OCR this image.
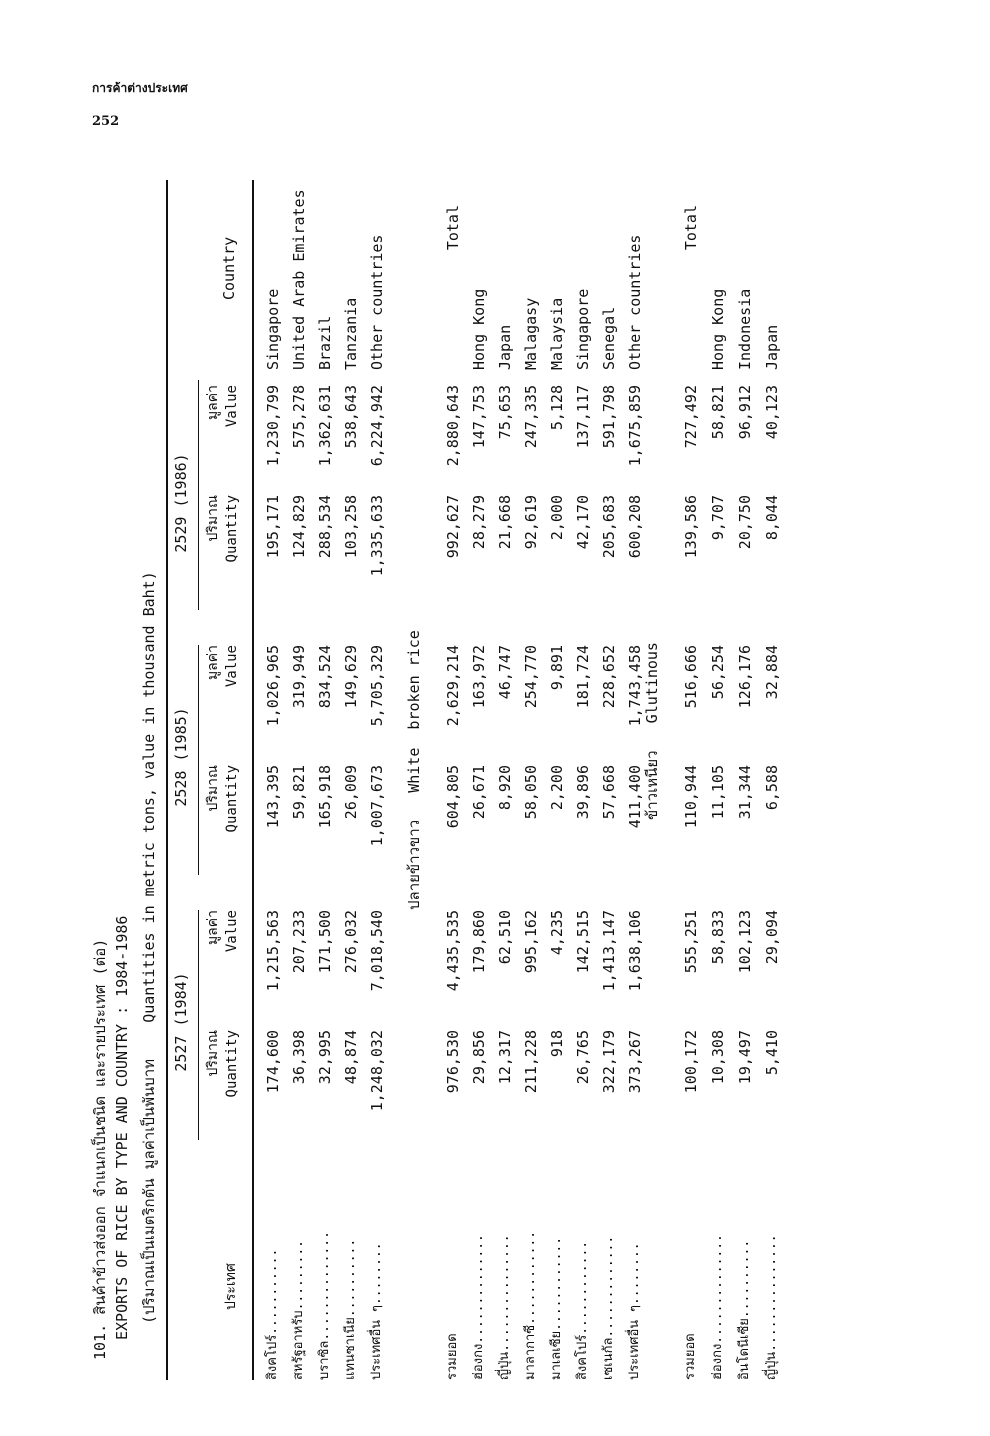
การค้าต่างประเทศ
252
101. สินค้าข้าวส่งออก จำแนกเป็นชนิด และรายประเทศ (ต่อ) EXPORTS OF RICE BY TYPE AND COUNTRY : 1984-1986 (ปริมาณเป็นเมตริกตัน มูลค่าเป็นพันบาท    Quantities in metric tons, value in thousand Baht) 2527 (1984)
2528 (1985)
2529 (1986)
ประเทศ
Country
ปริมาณ Quantity
มูลค่า Value
ปริมาณ Quantity
มูลค่า Value
ปริมาณ Quantity
มูลค่า Value
สิงคโปร์...........
174,600
1,215,563
143,395
1,026,965
195,171
1,230,799
Singapore
สหรัฐอาหรับ.........
36,398
207,233
59,821
319,949
124,829
575,278
United Arab Emirates
บราซิล..............
32,995
171,500
165,918
834,524
288,534
1,362,631
Brazil
แทนซาเนีย..........
48,874
276,032
26,009
149,629
103,258
538,643
Tanzania
ประเทศอื่น ๆ........
1,248,032
7,018,540
1,007,673
5,705,329
1,335,633
6,224,942
Other countries
ปลายข้าวขาว   White  broken rice
รวมยอด
976,530
4,435,535
604,805
2,629,214
992,627
2,880,643
Total
ฮ่องกง..............
29,856
179,860
26,671
163,972
28,279
147,753
Hong Kong
ญี่ปุ่น...............
12,317
62,510
8,920
46,747
21,668
75,653
Japan
มาลากาซี............
211,228
995,162
58,050
254,770
92,619
247,335
Malagasy
มาเลเซีย............
918
4,235
2,200
9,891
2,000
5,128
Malaysia
สิงคโปร์............
26,765
142,515
39,896
181,724
42,170
137,117
Singapore
เซเนกัล.............
322,179
1,413,147
57,668
228,652
205,683
591,798
Senegal
ประเทศอื่น ๆ........
373,267
1,638,106
411,400
1,743,458
600,208
1,675,859
Other countries
ข้าวเหนียว   Glutinous
รวมยอด
100,172
555,251
110,944
516,666
139,586
727,492
Total
ฮ่องกง..............
10,308
58,833
11,105
56,254
9,707
58,821
Hong Kong
อินโดนีเซีย..........
19,497
102,123
31,344
126,176
20,750
96,912
Indonesia
ญี่ปุ่น...............
5,410
29,094
6,588
32,884
8,044
40,123
Japan
